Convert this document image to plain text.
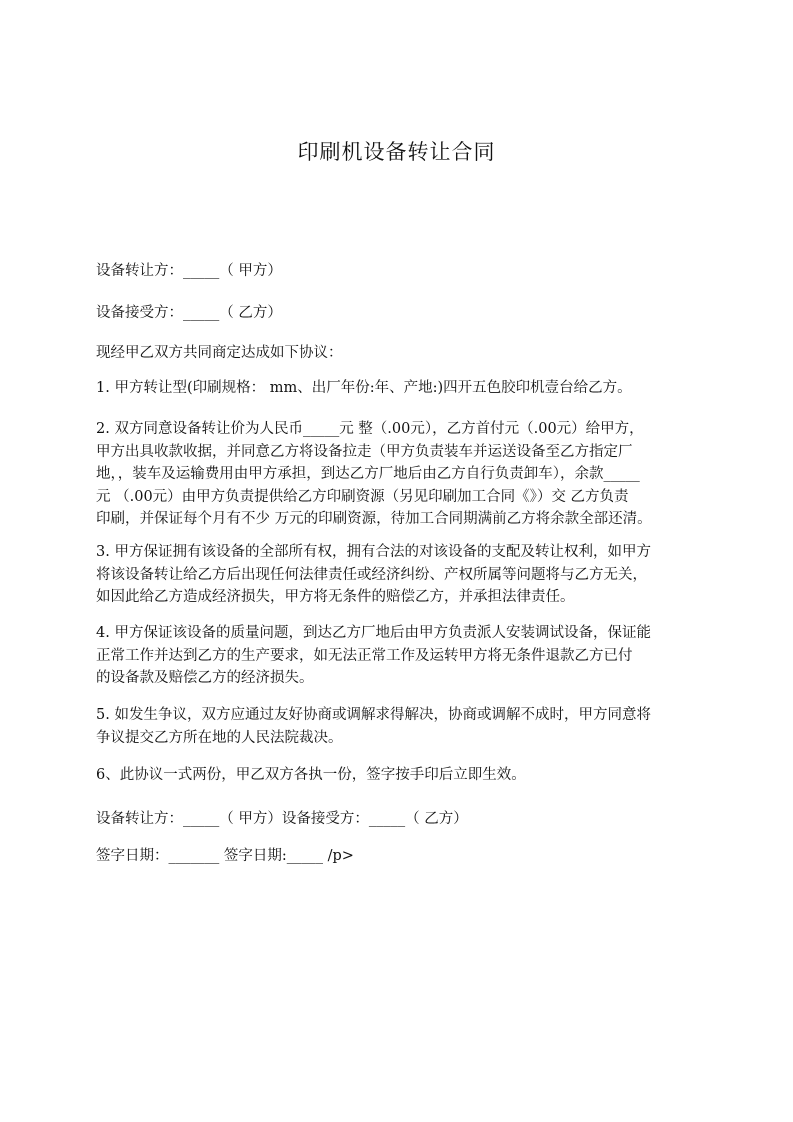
印刷机设备转让合同
设备转让方：_____（ 甲方）
设备接受方：_____（ 乙方）
现经甲乙双方共同商定达成如下协议：
1. 甲方转让型(印刷规格： mm、出厂年份:年、产地:)四开五色胶印机壹台给乙方。
2. 双方同意设备转让价为人民币_____元 整（.00元），乙方首付元（.00元）给甲方，
甲方出具收款收据，并同意乙方将设备拉走（甲方负责装车并运送设备至乙方指定厂
地，，装车及运输费用由甲方承担，到达乙方厂地后由乙方自行负责卸车），余款_____
元 （.00元）由甲方负责提供给乙方印刷资源（另见印刷加工合同《》）交 乙方负责
印刷，并保证每个月有不少 万元的印刷资源，待加工合同期满前乙方将余款全部还清。
3. 甲方保证拥有该设备的全部所有权，拥有合法的对该设备的支配及转让权利，如甲方
将该设备转让给乙方后出现任何法律责任或经济纠纷、产权所属等问题将与乙方无关，
如因此给乙方造成经济损失，甲方将无条件的赔偿乙方，并承担法律责任。
4. 甲方保证该设备的质量问题，到达乙方厂地后由甲方负责派人安装调试设备，保证能
正常工作并达到乙方的生产要求，如无法正常工作及运转甲方将无条件退款乙方已付
的设备款及赔偿乙方的经济损失。
5. 如发生争议，双方应通过友好协商或调解求得解决，协商或调解不成时，甲方同意将
争议提交乙方所在地的人民法院裁决。
6、此协议一式两份，甲乙双方各执一份，签字按手印后立即生效。
设备转让方：_____（ 甲方）设备接受方：_____（ 乙方）
签字日期：_______ 签字日期:_____ /p>
